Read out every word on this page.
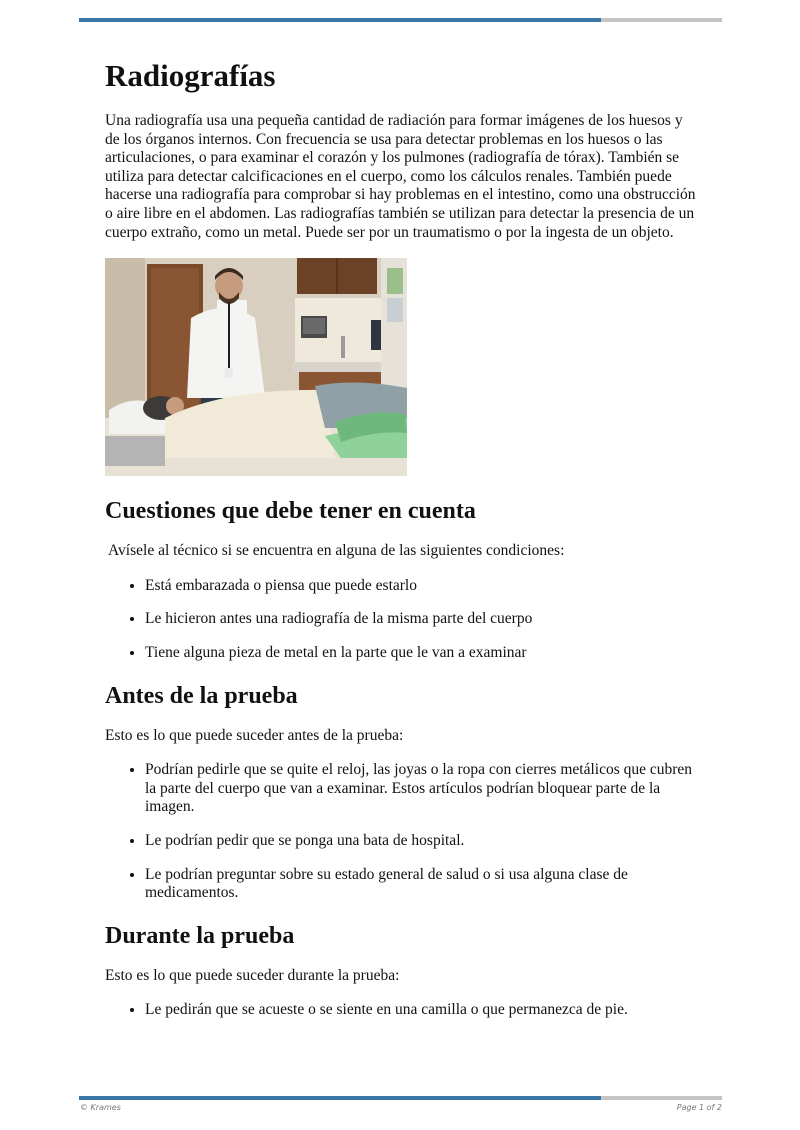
Radiografías

Una radiografía usa una pequeña cantidad de radiación para formar imágenes de los huesos y de los órganos internos. Con frecuencia se usa para detectar problemas en los huesos o las articulaciones, o para examinar el corazón y los pulmones (radiografía de tórax). También se utiliza para detectar calcificaciones en el cuerpo, como los cálculos renales. También puede hacerse una radiografía para comprobar si hay problemas en el intestino, como una obstrucción o aire libre en el abdomen. Las radiografías también se utilizan para detectar la presencia de un cuerpo extraño, como un metal. Puede ser por un traumatismo o por la ingesta de un objeto.

Cuestiones que debe tener en cuenta

Avísele al técnico si se encuentra en alguna de las siguientes condiciones:

• Está embarazada o piensa que puede estarlo
• Le hicieron antes una radiografía de la misma parte del cuerpo
• Tiene alguna pieza de metal en la parte que le van a examinar
Antes de la prueba

Esto es lo que puede suceder antes de la prueba:

• Podrían pedirle que se quite el reloj, las joyas o la ropa con cierres metálicos que cubren la parte del cuerpo que van a examinar. Estos artículos podrían bloquear parte de la imagen.
• Le podrían pedir que se ponga una bata de hospital.
• Le podrían preguntar sobre su estado general de salud o si usa alguna clase de medicamentos.
Durante la prueba

Esto es lo que puede suceder durante la prueba:

• Le pedirán que se acueste o se siente en una camilla o que permanezca de pie.
© Krames	Page 1 of 2
